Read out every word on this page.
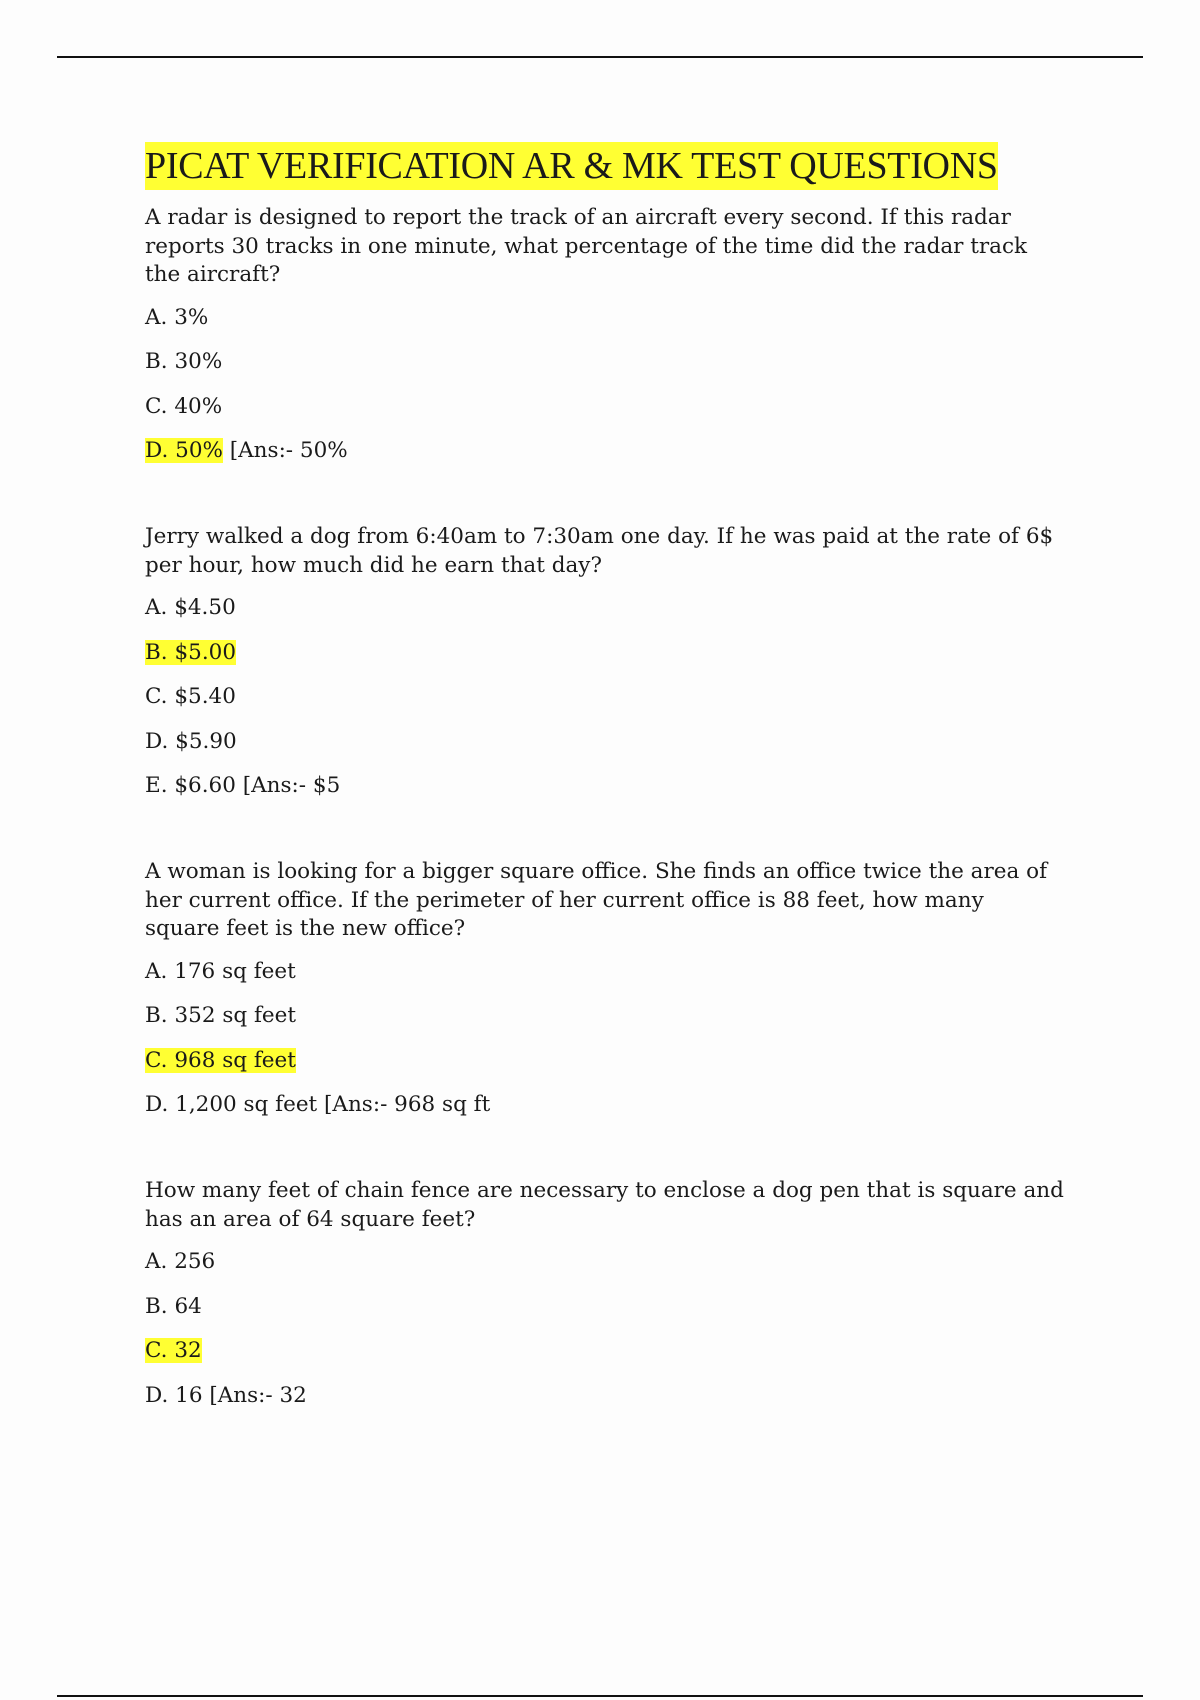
PICAT VERIFICATION AR & MK TEST QUESTIONS

A radar is designed to report the track of an aircraft every second. If this radar reports 30 tracks in one minute, what percentage of the time did the radar track the aircraft?

A. 3%
B. 30%
C. 40%
D. 50% [Ans:- 50%

Jerry walked a dog from 6:40am to 7:30am one day. If he was paid at the rate of 6$ per hour, how much did he earn that day?

A. $4.50
B. $5.00
C. $5.40
D. $5.90
E. $6.60 [Ans:- $5

A woman is looking for a bigger square office. She finds an office twice the area of her current office. If the perimeter of her current office is 88 feet, how many square feet is the new office?

A. 176 sq feet
B. 352 sq feet
C. 968 sq feet
D. 1,200 sq feet [Ans:- 968 sq ft

How many feet of chain fence are necessary to enclose a dog pen that is square and has an area of 64 square feet?

A. 256
B. 64
C. 32
D. 16 [Ans:- 32
